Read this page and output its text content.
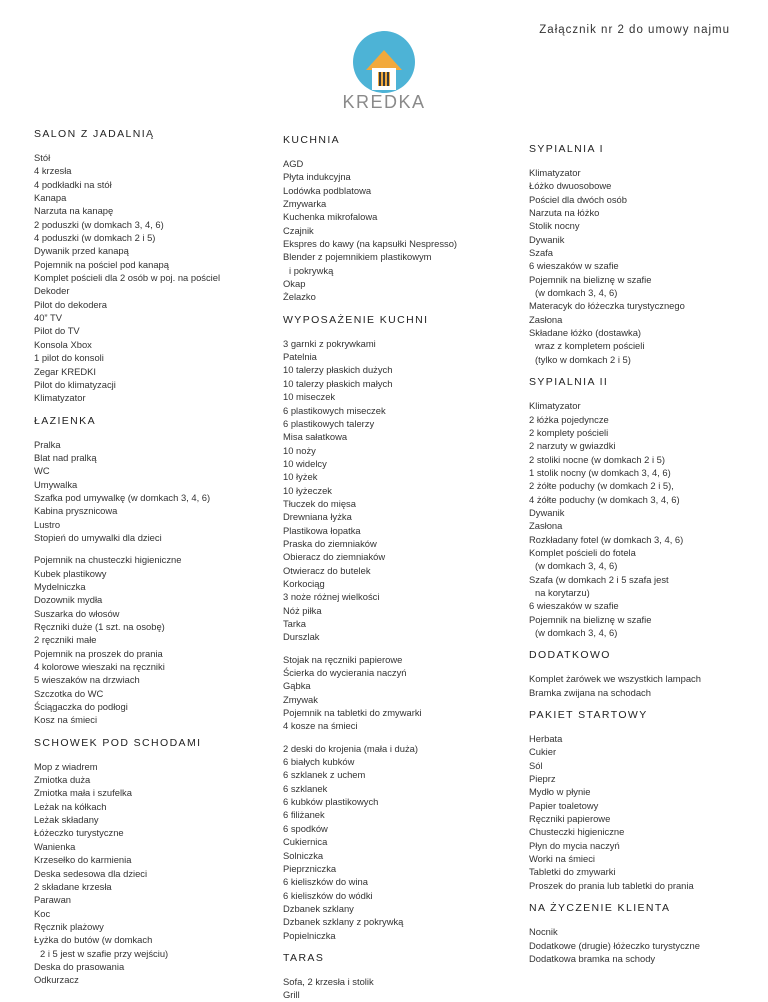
Załącznik nr 2 do umowy najmu
KREDKA
SALON Z JADALNIĄ
Stół
4 krzesła
4 podkładki na stół
Kanapa
Narzuta na kanapę
2 poduszki (w domkach 3, 4, 6)
4 poduszki (w domkach 2 i 5)
Dywanik przed kanapą
Pojemnik na pościel pod kanapą
Komplet pościeli dla 2 osób w poj. na pościel
Dekoder
Pilot do dekodera
40” TV
Pilot do TV
Konsola Xbox
1 pilot do konsoli
Zegar KREDKI
Pilot do klimatyzacji
Klimatyzator
ŁAZIENKA
Pralka
Blat nad pralką
WC
Umywalka
Szafka pod umywalkę (w domkach 3, 4, 6)
Kabina prysznicowa
Lustro
Stopień do umywalki dla dzieci
Pojemnik na chusteczki higieniczne
Kubek plastikowy
Mydelniczka
Dozownik mydła
Suszarka do włosów
Ręczniki duże (1 szt. na osobę)
2 ręczniki małe
Pojemnik na proszek do prania
4 kolorowe wieszaki na ręczniki
5 wieszaków na drzwiach
Szczotka do WC
Ściągaczka do podłogi
Kosz na śmieci
SCHOWEK POD SCHODAMI
Mop z wiadrem
Zmiotka duża
Zmiotka mała i szufelka
Leżak na kółkach
Leżak składany
Łóżeczko turystyczne
Wanienka
Krzesełko do karmienia
Deska sedesowa dla dzieci
2 składane krzesła
Parawan
Koc
Ręcznik plażowy
Łyżka do butów (w domkach
2 i 5 jest w szafie przy wejściu)
Deska do prasowania
Odkurzacz
KUCHNIA
AGD
Płyta indukcyjna
Lodówka podblatowa
Zmywarka
Kuchenka mikrofalowa
Czajnik
Ekspres do kawy (na kapsułki Nespresso)
Blender z pojemnikiem plastikowym
i pokrywką
Okap
Żelazko
WYPOSAŻENIE KUCHNI
3 garnki z pokrywkami
Patelnia
10 talerzy płaskich dużych
10 talerzy płaskich małych
10 miseczek
6 plastikowych miseczek
6 plastikowych talerzy
Misa sałatkowa
10 noży
10 widelcy
10 łyżek
10 łyżeczek
Tłuczek do mięsa
Drewniana łyżka
Plastikowa łopatka
Praska do ziemniaków
Obieracz do ziemniaków
Otwieracz do butelek
Korkociąg
3 noże różnej wielkości
Nóż piłka
Tarka
Durszlak
Stojak na ręczniki papierowe
Ścierka do wycierania naczyń
Gąbka
Zmywak
Pojemnik na tabletki do zmywarki
4 kosze na śmieci
2 deski do krojenia (mała i duża)
6 białych kubków
6 szklanek z uchem
6 szklanek
6 kubków plastikowych
6 filiżanek
6 spodków
Cukiernica
Solniczka
Pieprzniczka
6 kieliszków do wina
6 kieliszków do wódki
Dzbanek szklany
Dzbanek szklany z pokrywką
Popielniczka
TARAS
Sofa, 2 krzesła i stolik
Grill
SYPIALNIA I
Klimatyzator
Łóżko dwuosobowe
Pościel dla dwóch osób
Narzuta na łóżko
Stolik nocny
Dywanik
Szafa
6 wieszaków w szafie
Pojemnik na bieliznę w szafie
(w domkach 3, 4, 6)
Materacyk do łóżeczka turystycznego
Zasłona
Składane łóżko (dostawka)
wraz z kompletem pościeli
(tylko w domkach 2 i 5)
SYPIALNIA II
Klimatyzator
2 łóżka pojedyncze
2 komplety pościeli
2 narzuty w gwiazdki
2 stoliki nocne (w domkach 2 i 5)
1 stolik nocny (w domkach 3, 4, 6)
2 żółte poduchy (w domkach 2 i 5),
4 żółte poduchy (w domkach 3, 4, 6)
Dywanik
Zasłona
Rozkładany fotel (w domkach 3, 4, 6)
Komplet pościeli do fotela
(w domkach 3, 4, 6)
Szafa (w domkach 2 i 5 szafa jest
na korytarzu)
6 wieszaków w szafie
Pojemnik na bieliznę w szafie
(w domkach 3, 4, 6)
DODATKOWO
Komplet żarówek we wszystkich lampach
Bramka zwijana na schodach
PAKIET STARTOWY
Herbata
Cukier
Sól
Pieprz
Mydło w płynie
Papier toaletowy
Ręczniki papierowe
Chusteczki higieniczne
Płyn do mycia naczyń
Worki na śmieci
Tabletki do zmywarki
Proszek do prania lub tabletki do prania
NA ŻYCZENIE KLIENTA
Nocnik
Dodatkowe (drugie) łóżeczko turystyczne
Dodatkowa bramka na schody
